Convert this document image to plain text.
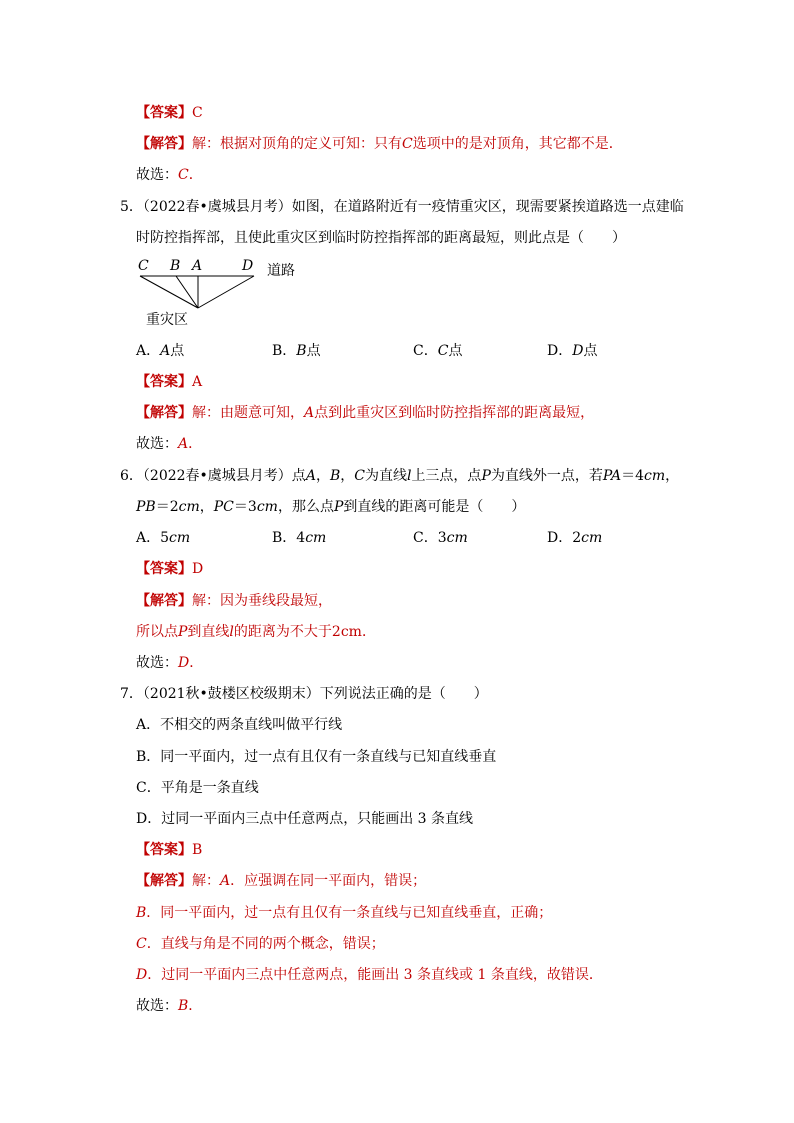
【答案】C
【解答】解：根据对顶角的定义可知：只有C选项中的是对顶角，其它都不是．
故选：C．
5．（2022春•虞城县月考）如图，在道路附近有一疫情重灾区，现需要紧挨道路选一点建临
时防控指挥部，且使此重灾区到临时防控指挥部的距离最短，则此点是（　　）
C B A	D 道路
重灾区
A．A点	B．B点	C．C点	D．D点
【答案】A
【解答】解：由题意可知，A点到此重灾区到临时防控指挥部的距离最短，
故选：A．
6．（2022春•虞城县月考）点A，B，C为直线l上三点，点P为直线外一点，若PA＝4cm，
PB＝2cm，PC＝3cm，那么点P到直线的距离可能是（　　）
A．5cm	B．4cm	C．3cm	D．2cm
【答案】D
【解答】解：因为垂线段最短，
所以点P到直线l的距离为不大于2cm．
故选：D．
7．（2021秋•鼓楼区校级期末）下列说法正确的是（　　）
A．不相交的两条直线叫做平行线
B．同一平面内，过一点有且仅有一条直线与已知直线垂直
C．平角是一条直线
D．过同一平面内三点中任意两点，只能画出 3 条直线
【答案】B
【解答】解：A．应强调在同一平面内，错误；
B．同一平面内，过一点有且仅有一条直线与已知直线垂直，正确；
C．直线与角是不同的两个概念，错误；
D．过同一平面内三点中任意两点，能画出 3 条直线或 1 条直线，故错误．
故选：B．
